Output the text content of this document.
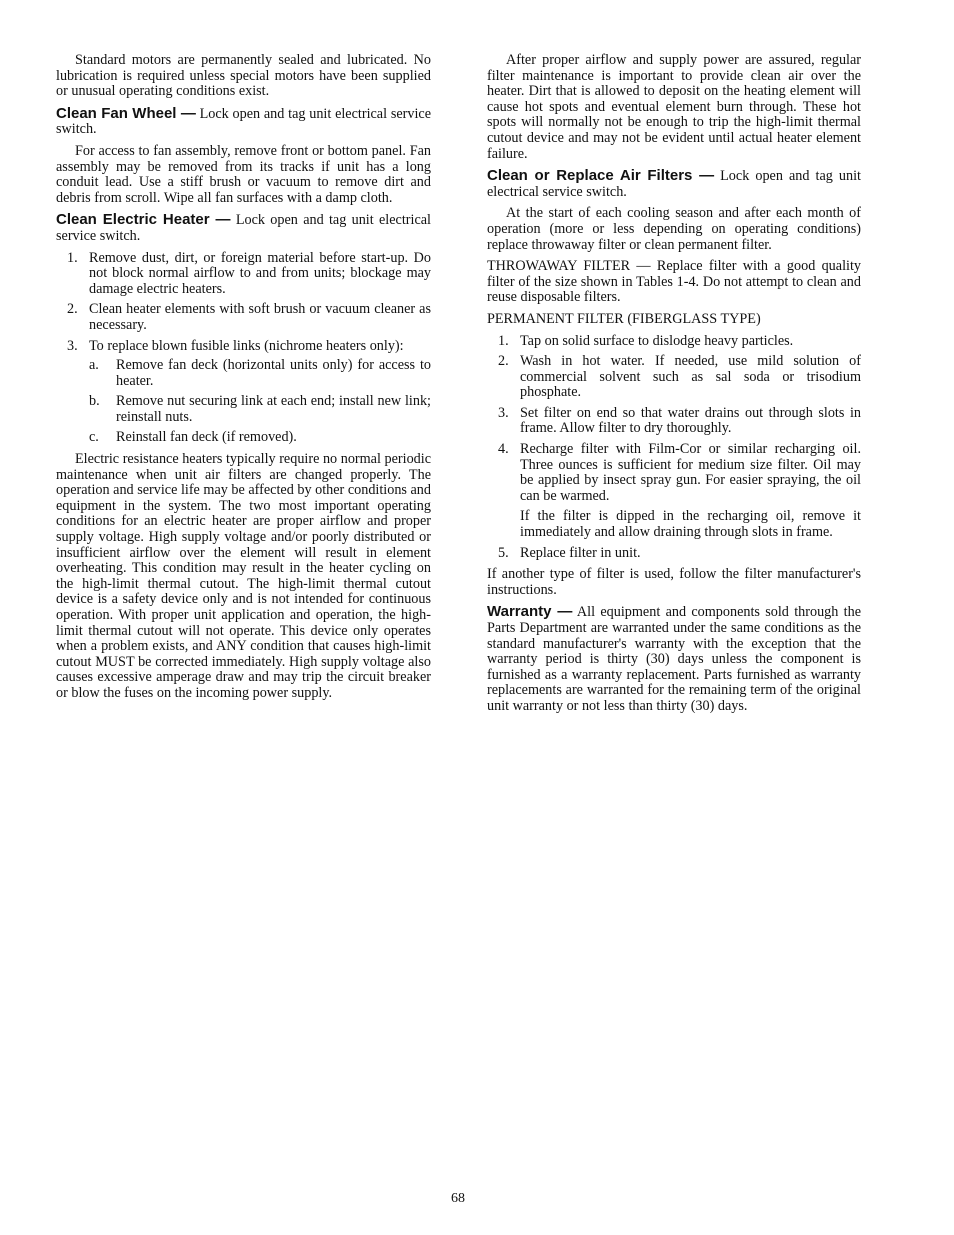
Standard motors are permanently sealed and lubricated. No lubrication is required unless special motors have been supplied or unusual operating conditions exist.

Clean Fan Wheel — Lock open and tag unit electrical service switch.

For access to fan assembly, remove front or bottom panel. Fan assembly may be removed from its tracks if unit has a long conduit lead. Use a stiff brush or vacuum to remove dirt and debris from scroll. Wipe all fan surfaces with a damp cloth.

Clean Electric Heater — Lock open and tag unit electrical service switch.

1. Remove dust, dirt, or foreign material before start-up. Do not block normal airflow to and from units; blockage may damage electric heaters.
2. Clean heater elements with soft brush or vacuum cleaner as necessary.
3. To replace blown fusible links (nichrome heaters only):
a. Remove fan deck (horizontal units only) for access to heater.
b. Remove nut securing link at each end; install new link; reinstall nuts.
c. Reinstall fan deck (if removed).

Electric resistance heaters typically require no normal periodic maintenance when unit air filters are changed properly. The operation and service life may be affected by other conditions and equipment in the system. The two most important operating conditions for an electric heater are proper airflow and proper supply voltage. High supply voltage and/or poorly distributed or insufficient airflow over the element will result in element overheating. This condition may result in the heater cycling on the high-limit thermal cutout. The high-limit thermal cutout device is a safety device only and is not intended for continuous operation. With proper unit application and operation, the high-limit thermal cutout will not operate. This device only operates when a problem exists, and ANY condition that causes high-limit cutout MUST be corrected immediately. High supply voltage also causes excessive amperage draw and may trip the circuit breaker or blow the fuses on the incoming power supply.

After proper airflow and supply power are assured, regular filter maintenance is important to provide clean air over the heater. Dirt that is allowed to deposit on the heating element will cause hot spots and eventual element burn through. These hot spots will normally not be enough to trip the high-limit thermal cutout device and may not be evident until actual heater element failure.

Clean or Replace Air Filters — Lock open and tag unit electrical service switch.

At the start of each cooling season and after each month of operation (more or less depending on operating conditions) replace throwaway filter or clean permanent filter.

THROWAWAY FILTER — Replace filter with a good quality filter of the size shown in Tables 1-4. Do not attempt to clean and reuse disposable filters.

PERMANENT FILTER (FIBERGLASS TYPE)

1. Tap on solid surface to dislodge heavy particles.
2. Wash in hot water. If needed, use mild solution of commercial solvent such as sal soda or trisodium phosphate.
3. Set filter on end so that water drains out through slots in frame. Allow filter to dry thoroughly.
4. Recharge filter with Film-Cor or similar recharging oil. Three ounces is sufficient for medium size filter. Oil may be applied by insect spray gun. For easier spraying, the oil can be warmed.
If the filter is dipped in the recharging oil, remove it immediately and allow draining through slots in frame.
5. Replace filter in unit.

If another type of filter is used, follow the filter manufacturer's instructions.

Warranty — All equipment and components sold through the Parts Department are warranted under the same conditions as the standard manufacturer's warranty with the exception that the warranty period is thirty (30) days unless the component is furnished as a warranty replacement. Parts furnished as warranty replacements are warranted for the remaining term of the original unit warranty or not less than thirty (30) days.

68
